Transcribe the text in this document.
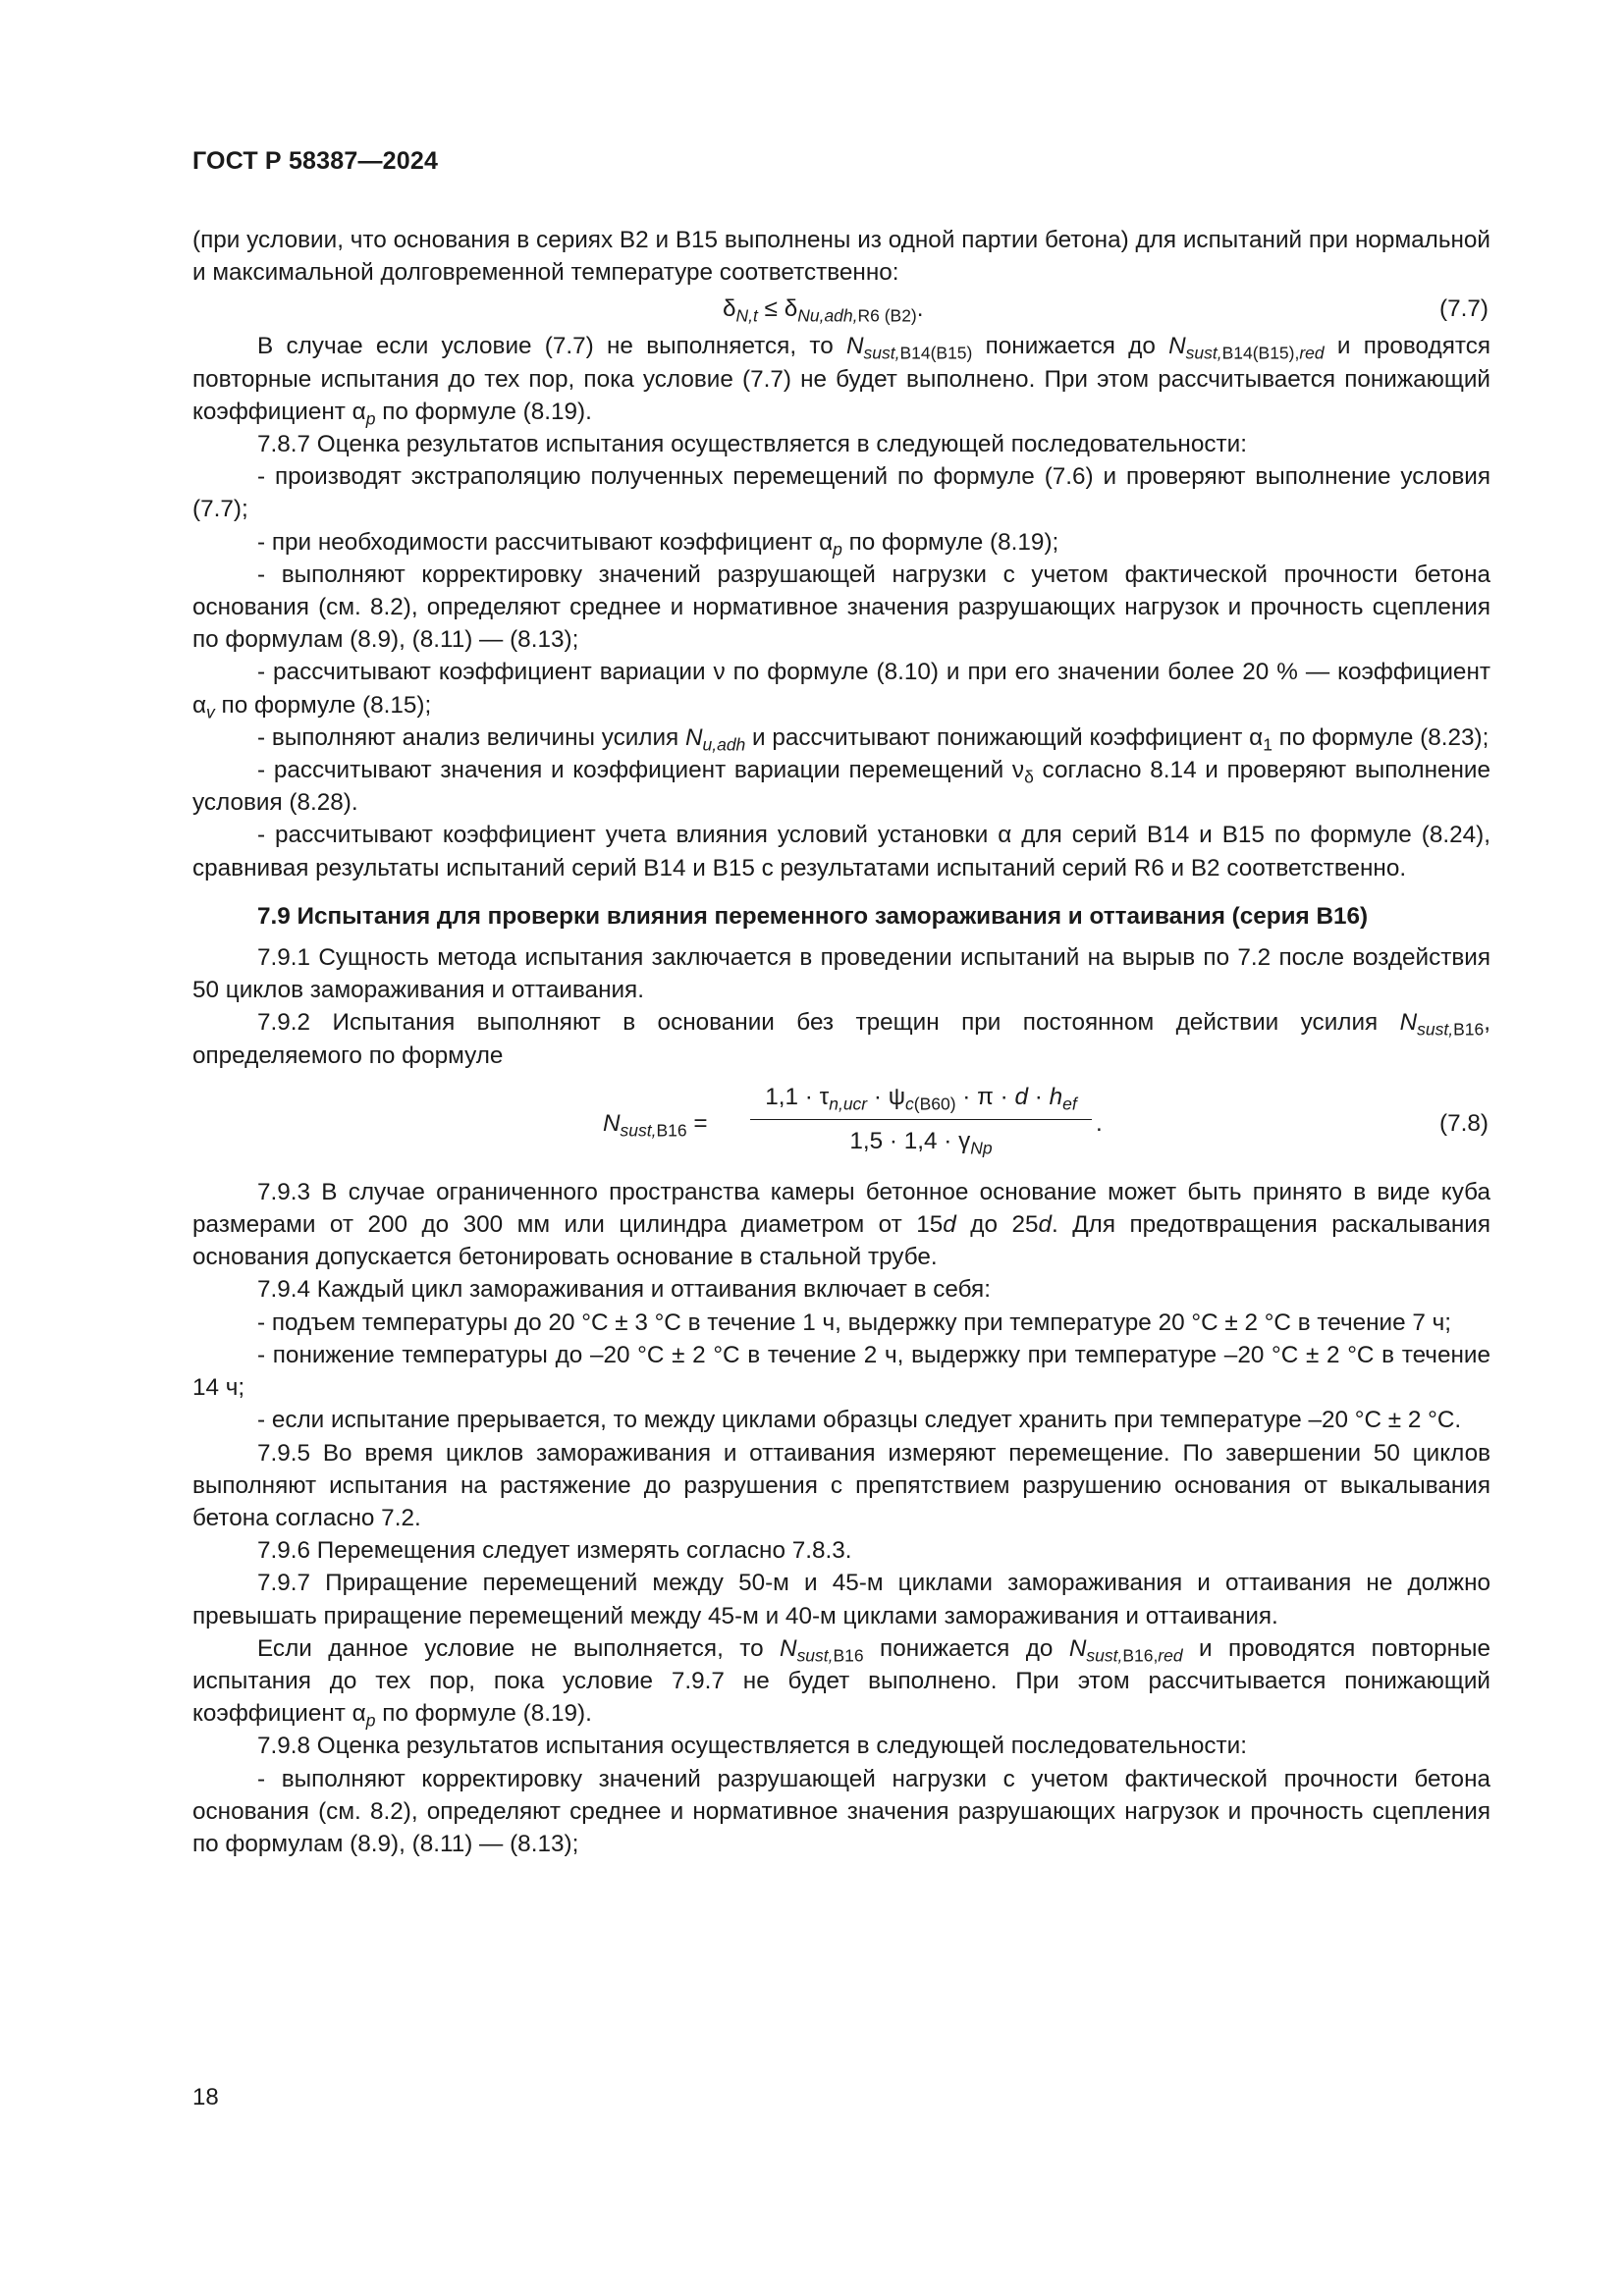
ГОСТ Р 58387—2024

(при условии, что основания в сериях В2 и В15 выполнены из одной партии бетона) для испытаний при нормальной и максимальной долговременной температуре соответственно:

$\delta_{N,t} \le \delta_{Nu,adh,R6 (B2)}$.	(7.7)

В случае если условие (7.7) не выполняется, то $N_{sust,B14(B15)}$ понижается до $N_{sust,B14(B15),red}$ и проводятся повторные испытания до тех пор, пока условие (7.7) не будет выполнено. При этом рассчитывается понижающий коэффициент $\alpha_p$ по формуле (8.19).

7.8.7 Оценка результатов испытания осуществляется в следующей последовательности:

- производят экстраполяцию полученных перемещений по формуле (7.6) и проверяют выполнение условия (7.7);

- при необходимости рассчитывают коэффициент $\alpha_p$ по формуле (8.19);

- выполняют корректировку значений разрушающей нагрузки с учетом фактической прочности бетона основания (см. 8.2), определяют среднее и нормативное значения разрушающих нагрузок и прочность сцепления по формулам (8.9), (8.11) — (8.13);

- рассчитывают коэффициент вариации ν по формуле (8.10) и при его значении более 20 % — коэффициент $\alpha_v$ по формуле (8.15);

- выполняют анализ величины усилия $N_{u,adh}$ и рассчитывают понижающий коэффициент $\alpha_1$ по формуле (8.23);

- рассчитывают значения и коэффициент вариации перемещений $\nu_\delta$ согласно 8.14 и проверяют выполнение условия (8.28).

- рассчитывают коэффициент учета влияния условий установки α для серий В14 и В15 по формуле (8.24), сравнивая результаты испытаний серий В14 и В15 с результатами испытаний серий R6 и В2 соответственно.

7.9 Испытания для проверки влияния переменного замораживания и оттаивания (серия В16)

7.9.1 Сущность метода испытания заключается в проведении испытаний на вырыв по 7.2 после воздействия 50 циклов замораживания и оттаивания.

7.9.2 Испытания выполняют в основании без трещин при постоянном действии усилия $N_{sust,B16}$, определяемого по формуле

$N_{sust,B16}$ =
$1,1 \cdot \tau_{n,ucr} \cdot \psi_{c(B60)} \cdot \pi \cdot d \cdot h_{ef}$
$1,5 \cdot 1,4 \cdot \gamma_{Np}$
.	(7.8)

7.9.3 В случае ограниченного пространства камеры бетонное основание может быть принято в виде куба размерами от 200 до 300 мм или цилиндра диаметром от 15d до 25d. Для предотвращения раскалывания основания допускается бетонировать основание в стальной трубе.

7.9.4 Каждый цикл замораживания и оттаивания включает в себя:

- подъем температуры до 20 °С ± 3 °С в течение 1 ч, выдержку при температуре 20 °С ± 2 °С в течение 7 ч;

- понижение температуры до –20 °С ± 2 °С в течение 2 ч, выдержку при температуре –20 °С ± 2 °С в течение 14 ч;

- если испытание прерывается, то между циклами образцы следует хранить при температуре –20 °С ± 2 °С.

7.9.5 Во время циклов замораживания и оттаивания измеряют перемещение. По завершении 50 циклов выполняют испытания на растяжение до разрушения с препятствием разрушению основания от выкалывания бетона согласно 7.2.

7.9.6 Перемещения следует измерять согласно 7.8.3.

7.9.7 Приращение перемещений между 50-м и 45-м циклами замораживания и оттаивания не должно превышать приращение перемещений между 45-м и 40-м циклами замораживания и оттаивания.

Если данное условие не выполняется, то $N_{sust,B16}$ понижается до $N_{sust,B16,red}$ и проводятся повторные испытания до тех пор, пока условие 7.9.7 не будет выполнено. При этом рассчитывается понижающий коэффициент $\alpha_p$ по формуле (8.19).

7.9.8 Оценка результатов испытания осуществляется в следующей последовательности:

- выполняют корректировку значений разрушающей нагрузки с учетом фактической прочности бетона основания (см. 8.2), определяют среднее и нормативное значения разрушающих нагрузок и прочность сцепления по формулам (8.9), (8.11) — (8.13);

18
